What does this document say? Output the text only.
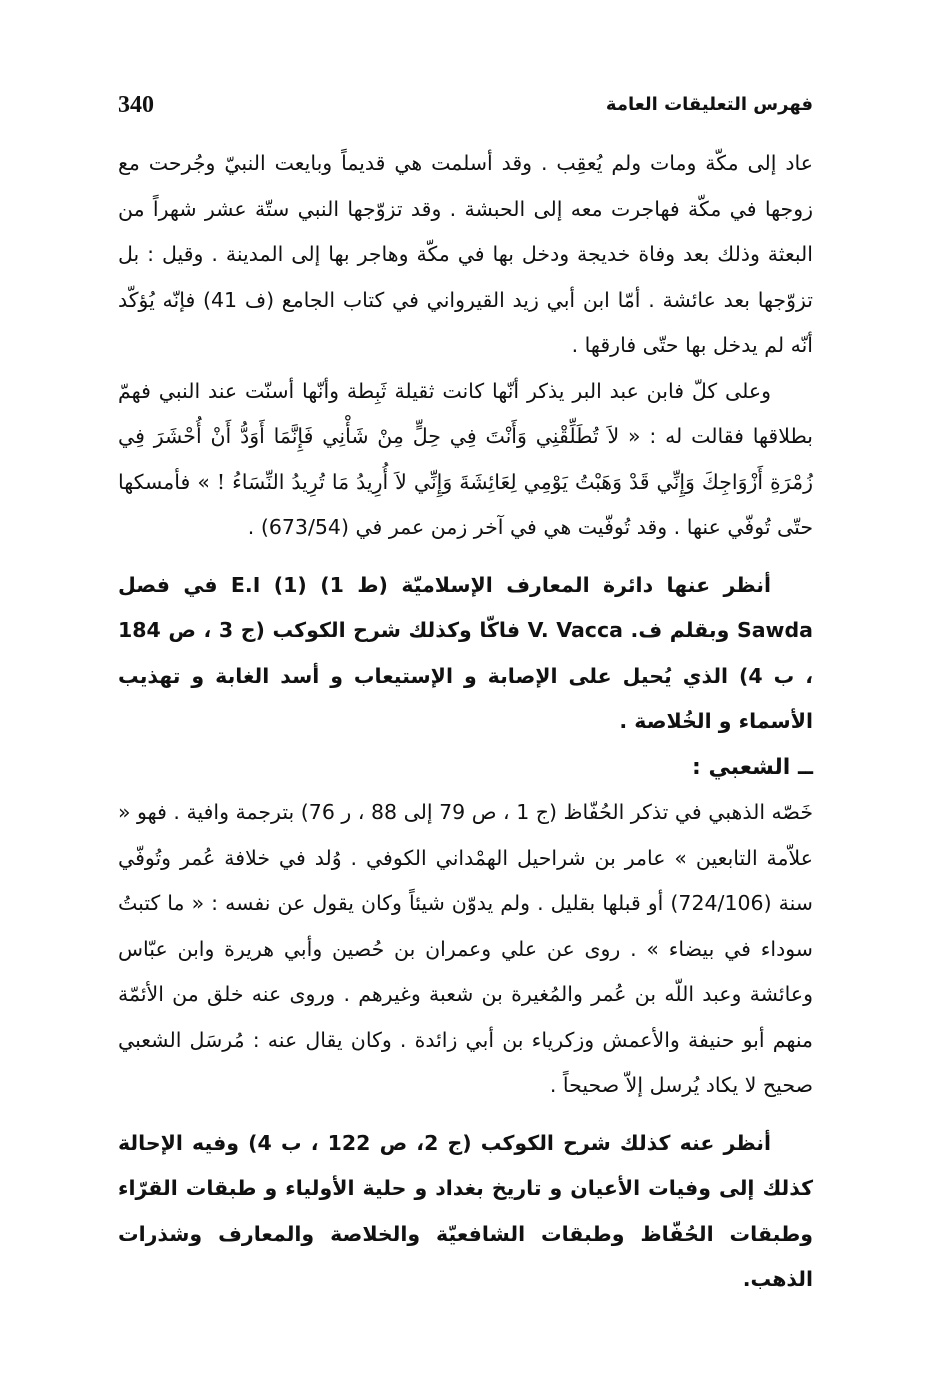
340	فهرس التعليقات العامة

عاد إلى مكّة ومات ولم يُعقِب . وقد أسلمت هي قديماً وبايعت النبيّ وجُرحت مع زوجها في مكّة فهاجرت معه إلى الحبشة . وقد تزوّجها النبي ستّة عشر شهراً من البعثة وذلك بعد وفاة خديجة ودخل بها في مكّة وهاجر بها إلى المدينة . وقيل : بل تزوّجها بعد عائشة . أمّا ابن أبي زيد القيرواني في كتاب الجامع (ف 41) فإنّه يُؤكّد أنّه لم يدخل بها حتّى فارقها .

وعلى كلّ فابن عبد البر يذكر أنّها كانت ثقيلة ثَبِطة وأنّها أسنّت عند النبي فهمّ بطلاقها فقالت له : « لاَ تُطَلِّقْنِي وَأَنْتَ فِي حِلٍّ مِنْ شَأْنِي فَإِنَّمَا أَوَدُّ أَنْ أُحْشَرَ فِي زُمْرَةِ أَزْوَاجِكَ وَإِنِّي قَدْ وَهَبْتُ يَوْمِي لِعَائِشَةَ وَإِنِّي لاَ أُرِيدُ مَا تُرِيدُ النِّسَاءُ ! » فأمسكها حتّى تُوفّي عنها . وقد تُوفّيت هي في آخر زمن عمر في (673/54) .

أنظر عنها دائرة المعارف الإسلاميّة (ط 1) (1) E.I في فصل Sawda وبقلم ف. V. Vacca فاكّا وكذلك شرح الكوكب (ج 3 ، ص 184 ، ب 4) الذي يُحيل على الإصابة و الإستيعاب و أسد الغابة و تهذيب الأسماء و الخُلاصة .

ــ الشعبي :

خَصّه الذهبي في تذكر الحُفّاظ (ج 1 ، ص 79 إلى 88 ، ر 76) بترجمة وافية . فهو « علاّمة التابعين » عامر بن شراحيل الهمْداني الكوفي . وُلد في خلافة عُمر وتُوفّي سنة (724/106) أو قبلها بقليل . ولم يدوّن شيئاً وكان يقول عن نفسه : « ما كتبتُ سوداء في بيضاء » . روى عن علي وعمران بن حُصين وأبي هريرة وابن عبّاس وعائشة وعبد اللّه بن عُمر والمُغيرة بن شعبة وغيرهم . وروى عنه خلق من الأئمّة منهم أبو حنيفة والأعمش وزكرياء بن أبي زائدة . وكان يقال عنه : مُرسَل الشعبي صحيح لا يكاد يُرسل إلاّ صحيحاً .

أنظر عنه كذلك شرح الكوكب (ج 2، ص 122 ، ب 4) وفيه الإحالة كذلك إلى وفيات الأعيان و تاريخ بغداد و حلية الأولياء و طبقات القرّاء وطبقات الحُفّاظ وطبقات الشافعيّة والخلاصة والمعارف وشذرات الذهب.
